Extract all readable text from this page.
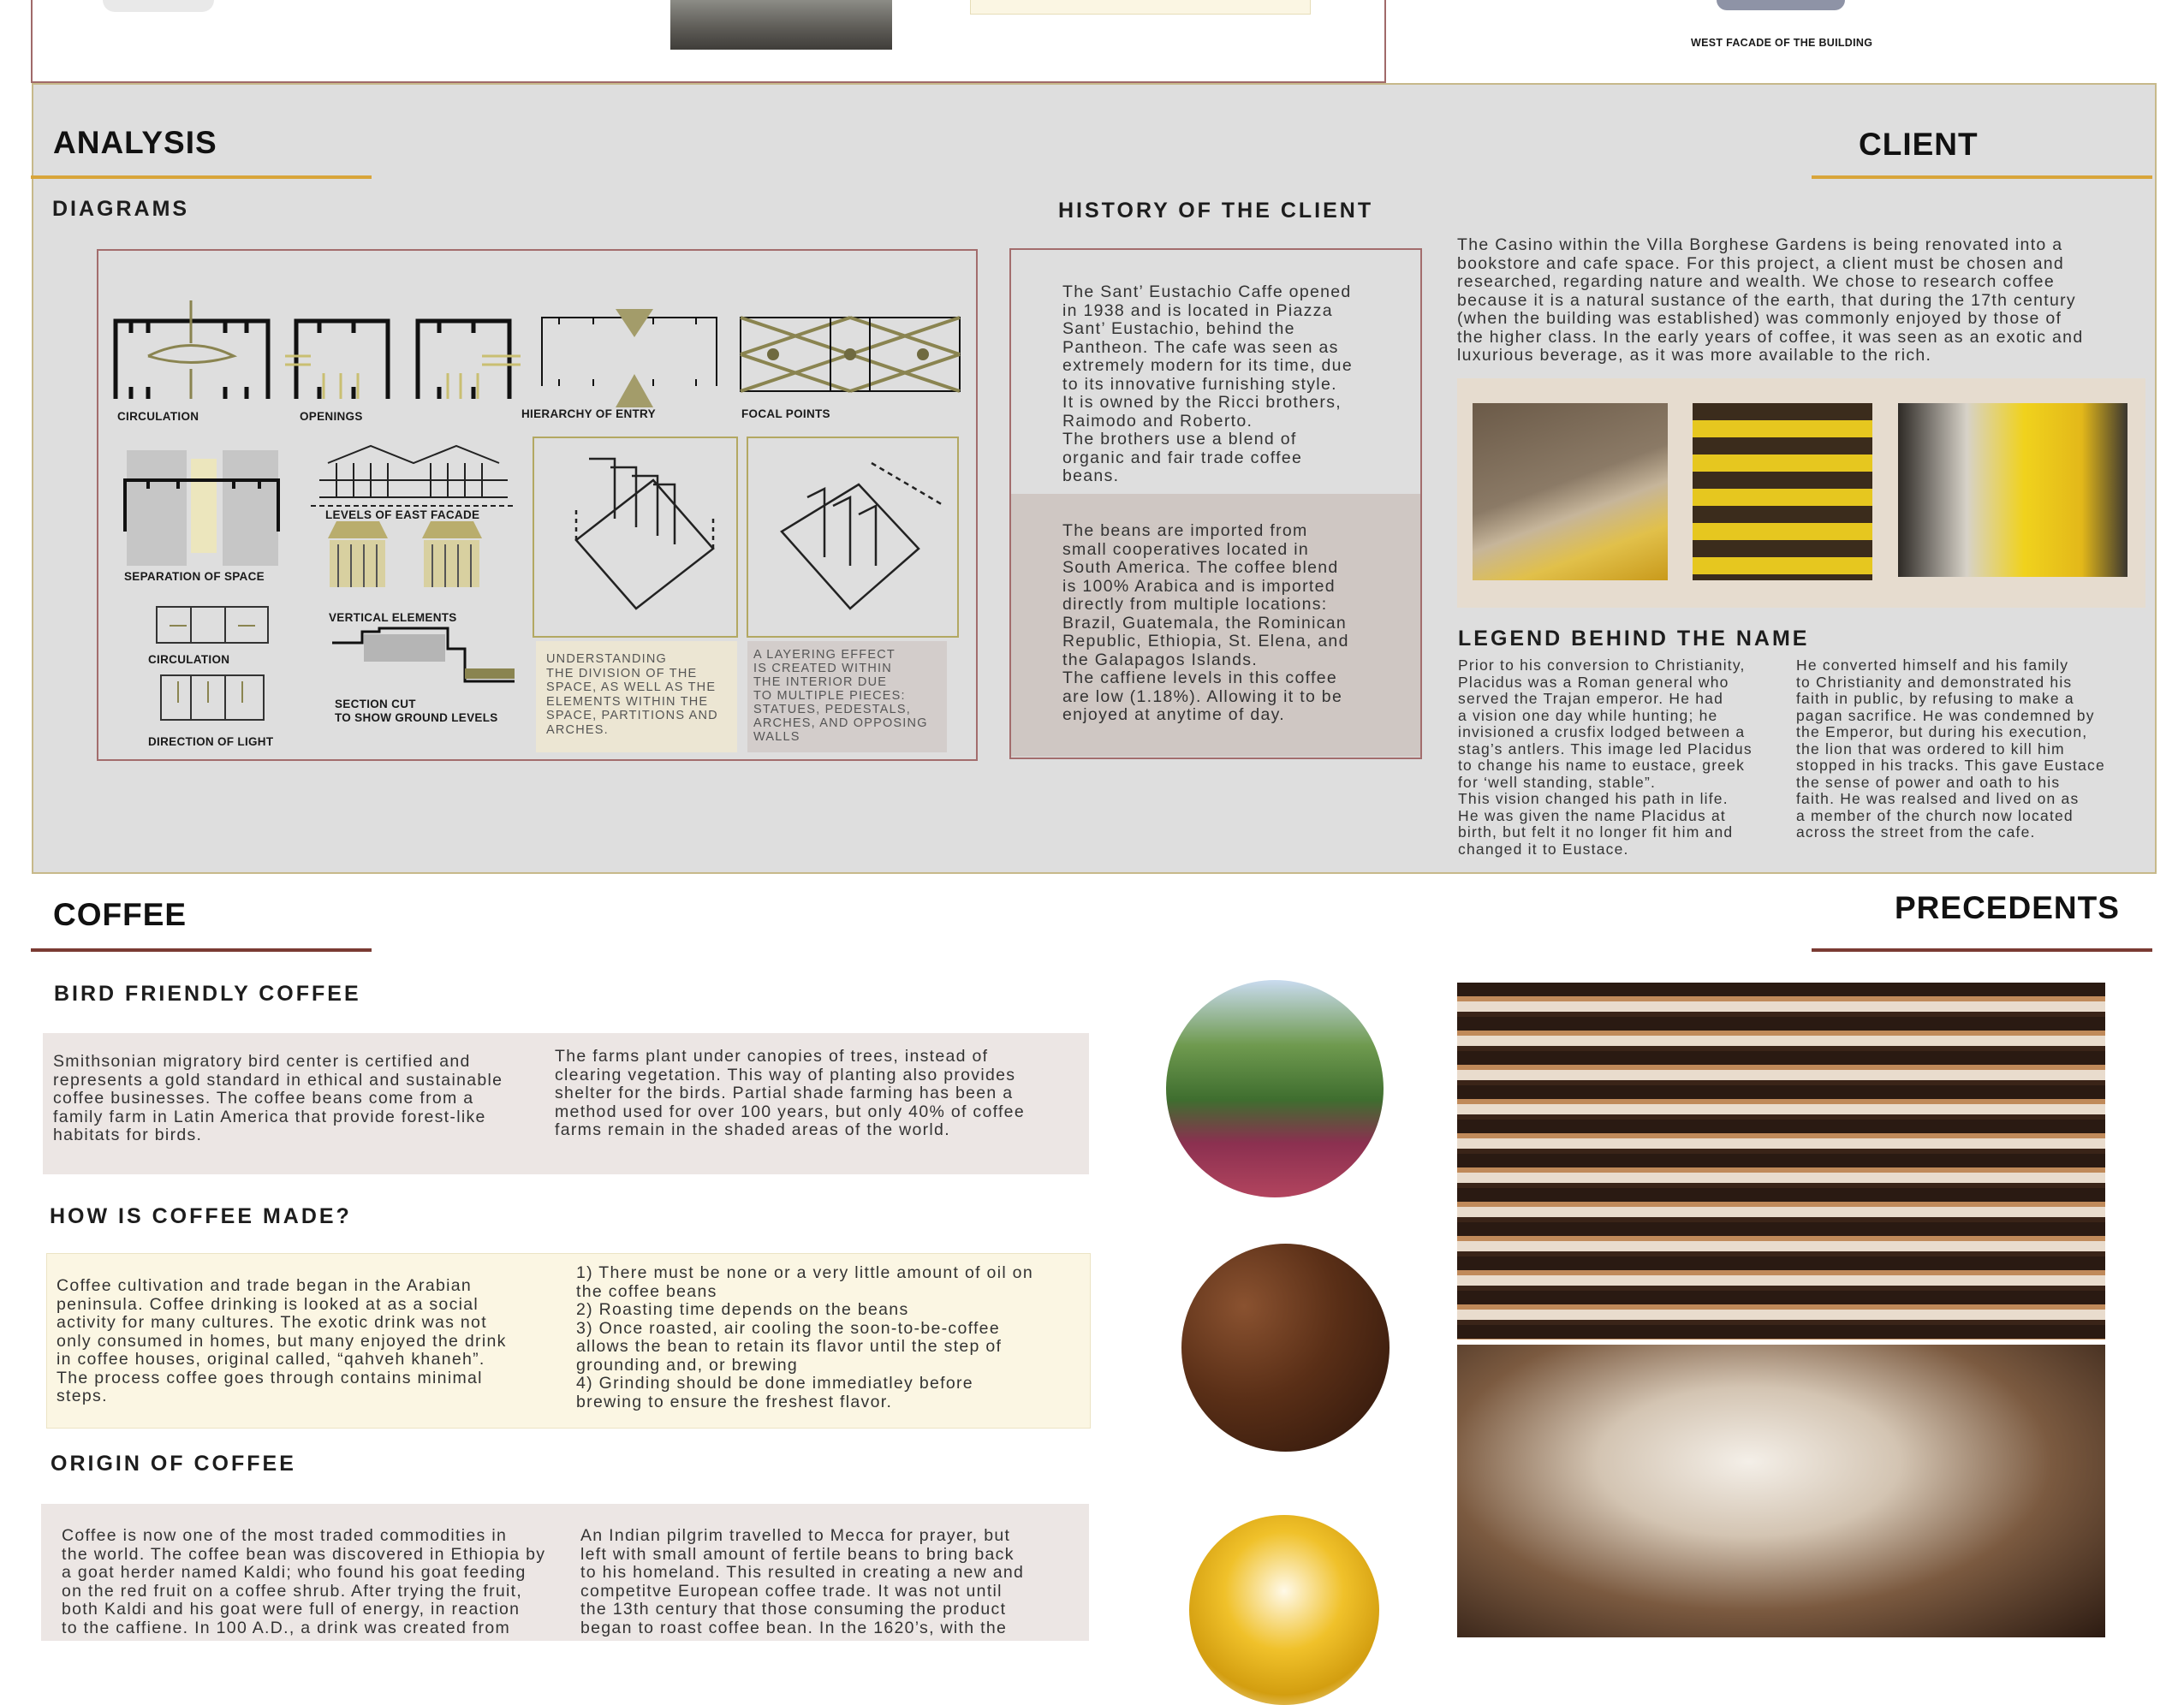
WEST FACADE OF THE BUILDING
ANALYSIS
DIAGRAMS
CLIENT
CIRCULATION	OPENINGS	HIERARCHY OF ENTRY	FOCAL POINTS
SEPARATION OF SPACE
LEVELS OF EAST FACADE
VERTICAL ELEMENTS
CIRCULATION
DIRECTION OF LIGHT
SECTION CUT
TO SHOW GROUND LEVELS
UNDERSTANDING
THE DIVISION OF THE
SPACE, AS WELL AS THE
ELEMENTS WITHIN THE
SPACE, PARTITIONS AND
ARCHES.
A LAYERING EFFECT
IS CREATED WITHIN
THE INTERIOR DUE
TO MULTIPLE PIECES:
STATUES, PEDESTALS,
ARCHES, AND OPPOSING
WALLS
HISTORY OF THE CLIENT
The Sant’ Eustachio Caffe opened
in 1938 and is located in Piazza
Sant’ Eustachio, behind the
Pantheon. The cafe was seen as
extremely modern for its time, due
to its innovative furnishing style.
It is owned by the Ricci brothers,
Raimodo and Roberto.
The brothers use a blend of
organic and fair trade coffee
beans.
The beans are imported from
small cooperatives located in
South America. The coffee blend
is 100% Arabica and is imported
directly from multiple locations:
Brazil, Guatemala, the Rominican
Republic, Ethiopia, St. Elena, and
the Galapagos Islands.
The caffiene levels in this coffee
are low (1.18%). Allowing it to be
enjoyed at anytime of day.
The Casino within the Villa Borghese Gardens is being renovated into a
bookstore and cafe space. For this project, a client must be chosen and
researched, regarding nature and wealth. We chose to research coffee
because it is a natural sustance of the earth, that during the 17th century
(when the building was established) was commonly enjoyed by those of
the higher class. In the early years of coffee, it was seen as an exotic and
luxurious beverage, as it was more available to the rich.
LEGEND BEHIND THE NAME
Prior to his conversion to Christianity,
Placidus was a Roman general who
served the Trajan emperor. He had
a vision one day while hunting; he
invisioned a crusfix lodged between a
stag’s antlers. This image led Placidus
to change his name to eustace, greek
for ‘well standing, stable”.
This vision changed his path in life.
He was given the name Placidus at
birth, but felt it no longer fit him and
changed it to Eustace.
He converted himself and his family
to Christianity and demonstrated his
faith in public, by refusing to make a
pagan sacrifice. He was condemned by
the Emperor, but during his execution,
the lion that was ordered to kill him
stopped in his tracks. This gave Eustace
the sense of power and oath to his
faith. He was realsed and lived on as
a member of the church now located
across the street from the cafe.
COFFEE
BIRD FRIENDLY COFFEE
Smithsonian migratory bird center is certified and
represents a gold standard in ethical and sustainable
coffee businesses. The coffee beans come from a
family farm in Latin America that provide forest-like
habitats for birds.
The farms plant under canopies of trees, instead of
clearing vegetation. This way of planting also provides
shelter for the birds. Partial shade farming has been a
method used for over 100 years, but only 40% of coffee
farms remain in the shaded areas of the world.
HOW IS COFFEE MADE?
Coffee cultivation and trade began in the Arabian
peninsula. Coffee drinking is looked at as a social
activity for many cultures. The exotic drink was not
only consumed in homes, but many enjoyed the drink
in coffee houses, original called, “qahveh khaneh”.
The process coffee goes through contains minimal
steps.
1) There must be none or a very little amount of oil on
the coffee beans
2) Roasting time depends on the beans
3) Once roasted, air cooling the soon-to-be-coffee
allows the bean to retain its flavor until the step of
grounding and, or brewing
4) Grinding should be done immediatley before
brewing to ensure the freshest flavor.
ORIGIN OF COFFEE
Coffee is now one of the most traded commodities in
the world. The coffee bean was discovered in Ethiopia by
a goat herder named Kaldi; who found his goat feeding
on the red fruit on a coffee shrub. After trying the fruit,
both Kaldi and his goat were full of energy, in reaction
to the caffiene. In 100 A.D., a drink was created from
An Indian pilgrim travelled to Mecca for prayer, but
left with small amount of fertile beans to bring back
to his homeland. This resulted in creating a new and
competitve European coffee trade. It was not until
the 13th century that those consuming the product
began to roast coffee bean. In the 1620’s, with the
PRECEDENTS
